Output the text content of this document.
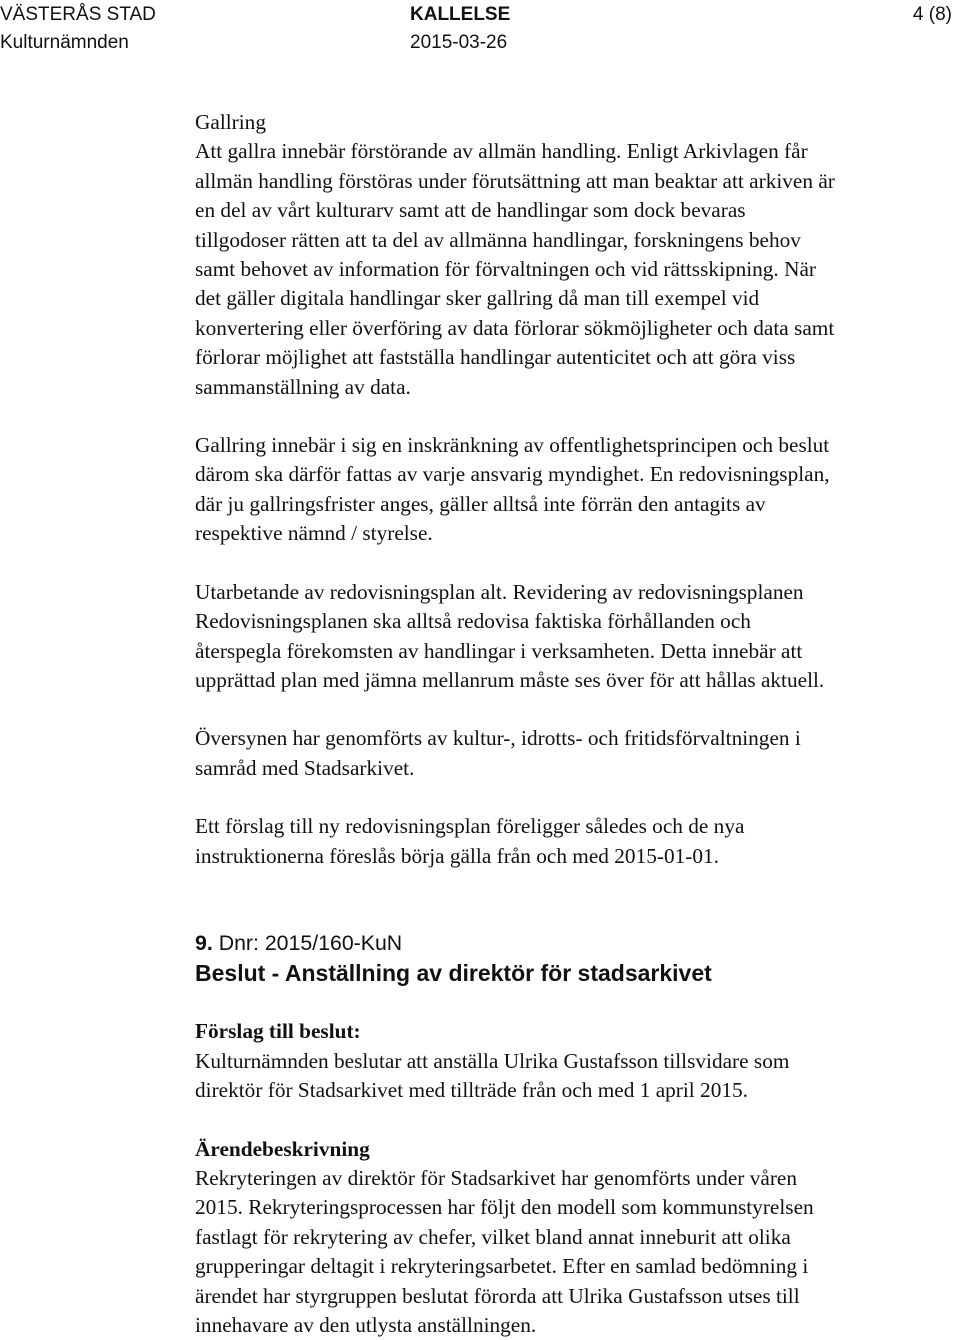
VÄSTERÅS STAD
Kulturnämnden
KALLELSE
2015-03-26
4 (8)

Gallring

Att gallra innebär förstörande av allmän handling. Enligt Arkivlagen får

allmän handling förstöras under förutsättning att man beaktar att arkiven är

en del av vårt kulturarv samt att de handlingar som dock bevaras

tillgodoser rätten att ta del av allmänna handlingar, forskningens behov

samt behovet av information för förvaltningen och vid rättsskipning. När

det gäller digitala handlingar sker gallring då man till exempel vid

konvertering eller överföring av data förlorar sökmöjligheter och data samt

förlorar möjlighet att fastställa handlingar autenticitet och att göra viss

sammanställning av data.

Gallring innebär i sig en inskränkning av offentlighetsprincipen och beslut

därom ska därför fattas av varje ansvarig myndighet. En redovisningsplan,

där ju gallringsfrister anges, gäller alltså inte förrän den antagits av

respektive nämnd / styrelse.

Utarbetande av redovisningsplan alt. Revidering av redovisningsplanen

Redovisningsplanen ska alltså redovisa faktiska förhållanden och

återspegla förekomsten av handlingar i verksamheten. Detta innebär att

upprättad plan med jämna mellanrum måste ses över för att hållas aktuell.

Översynen har genomförts av kultur-, idrotts- och fritidsförvaltningen i

samråd med Stadsarkivet.

Ett förslag till ny redovisningsplan föreligger således och de nya

instruktionerna föreslås börja gälla från och med 2015-01-01.

9. Dnr: 2015/160-KuN

Beslut - Anställning av direktör för stadsarkivet

Förslag till beslut:

Kulturnämnden beslutar att anställa Ulrika Gustafsson tillsvidare som

direktör för Stadsarkivet med tillträde från och med 1 april 2015.

Ärendebeskrivning

Rekryteringen av direktör för Stadsarkivet har genomförts under våren

2015. Rekryteringsprocessen har följt den modell som kommunstyrelsen

fastlagt för rekrytering av chefer, vilket bland annat inneburit att olika

grupperingar deltagit i rekryteringsarbetet. Efter en samlad bedömning i

ärendet har styrgruppen beslutat förorda att Ulrika Gustafsson utses till

innehavare av den utlysta anställningen.
